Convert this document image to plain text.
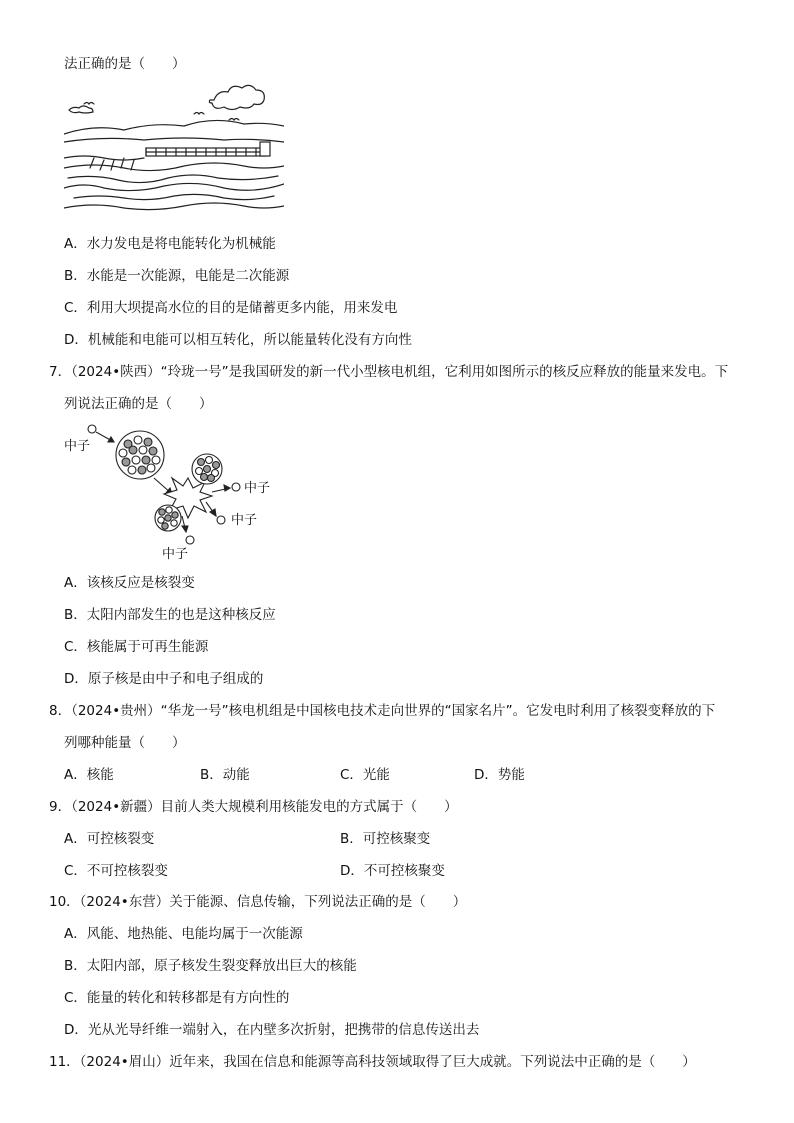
法正确的是（　　）
A．水力发电是将电能转化为机械能
B．水能是一次能源，电能是二次能源
C．利用大坝提高水位的目的是储蓄更多内能，用来发电
D．机械能和电能可以相互转化，所以能量转化没有方向性
7．（2024•陕西）“玲珑一号”是我国研发的新一代小型核电机组，它利用如图所示的核反应释放的能量来发电。下
列说法正确的是（　　）
中子
中子
中子
中子
A．该核反应是核裂变
B．太阳内部发生的也是这种核反应
C．核能属于可再生能源
D．原子核是由中子和电子组成的
8．（2024•贵州）“华龙一号”核电机组是中国核电技术走向世界的“国家名片”。它发电时利用了核裂变释放的下
列哪种能量（　　）
A．核能	B．动能	C．光能	D．势能
9．（2024•新疆）目前人类大规模利用核能发电的方式属于（　　）
A．可控核裂变	B．可控核聚变
C．不可控核裂变	D．不可控核聚变
10．（2024•东营）关于能源、信息传输，下列说法正确的是（　　）
A．风能、地热能、电能均属于一次能源
B．太阳内部，原子核发生裂变释放出巨大的核能
C．能量的转化和转移都是有方向性的
D．光从光导纤维一端射入，在内壁多次折射，把携带的信息传送出去
11．（2024•眉山）近年来，我国在信息和能源等高科技领域取得了巨大成就。下列说法中正确的是（　　）
